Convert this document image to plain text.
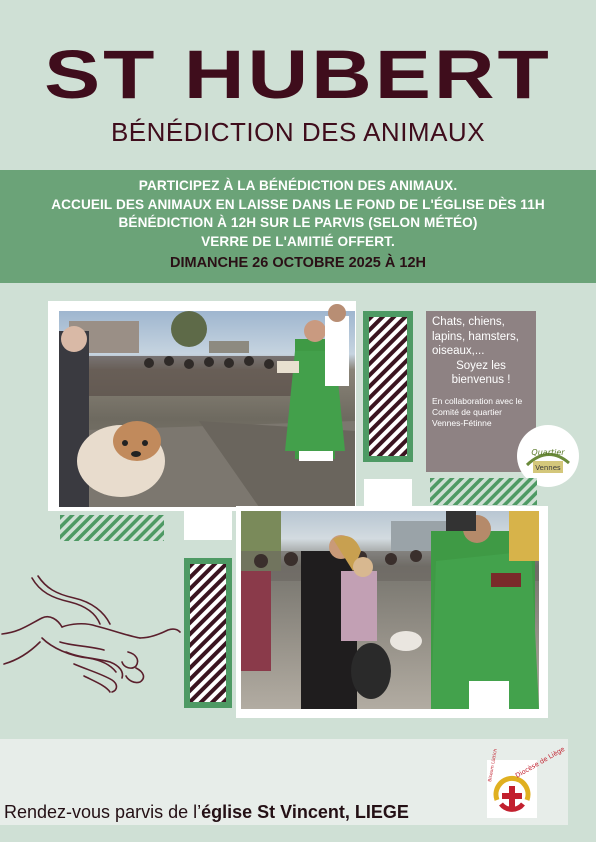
ST HUBERT
BÉNÉDICTION DES ANIMAUX
PARTICIPEZ À LA BÉNÉDICTION DES ANIMAUX.
ACCUEIL DES ANIMAUX EN LAISSE DANS LE FOND DE L'ÉGLISE DÈS 11H
BÉNÉDICTION À 12H SUR LE PARVIS (SELON MÉTÉO)
VERRE DE L'AMITIÉ OFFERT.
DIMANCHE 26 OCTOBRE 2025 À 12H
Chats, chiens,
lapins, hamsters,
oiseaux,...
Soyez les
bienvenus !
En collaboration avec le Comité de quartier Vennes-Fétinne
Quartier
Vennes
Rendez-vous parvis de l’église St Vincent, LIEGE
Diocèse de Liège
Biseum Lüttich
